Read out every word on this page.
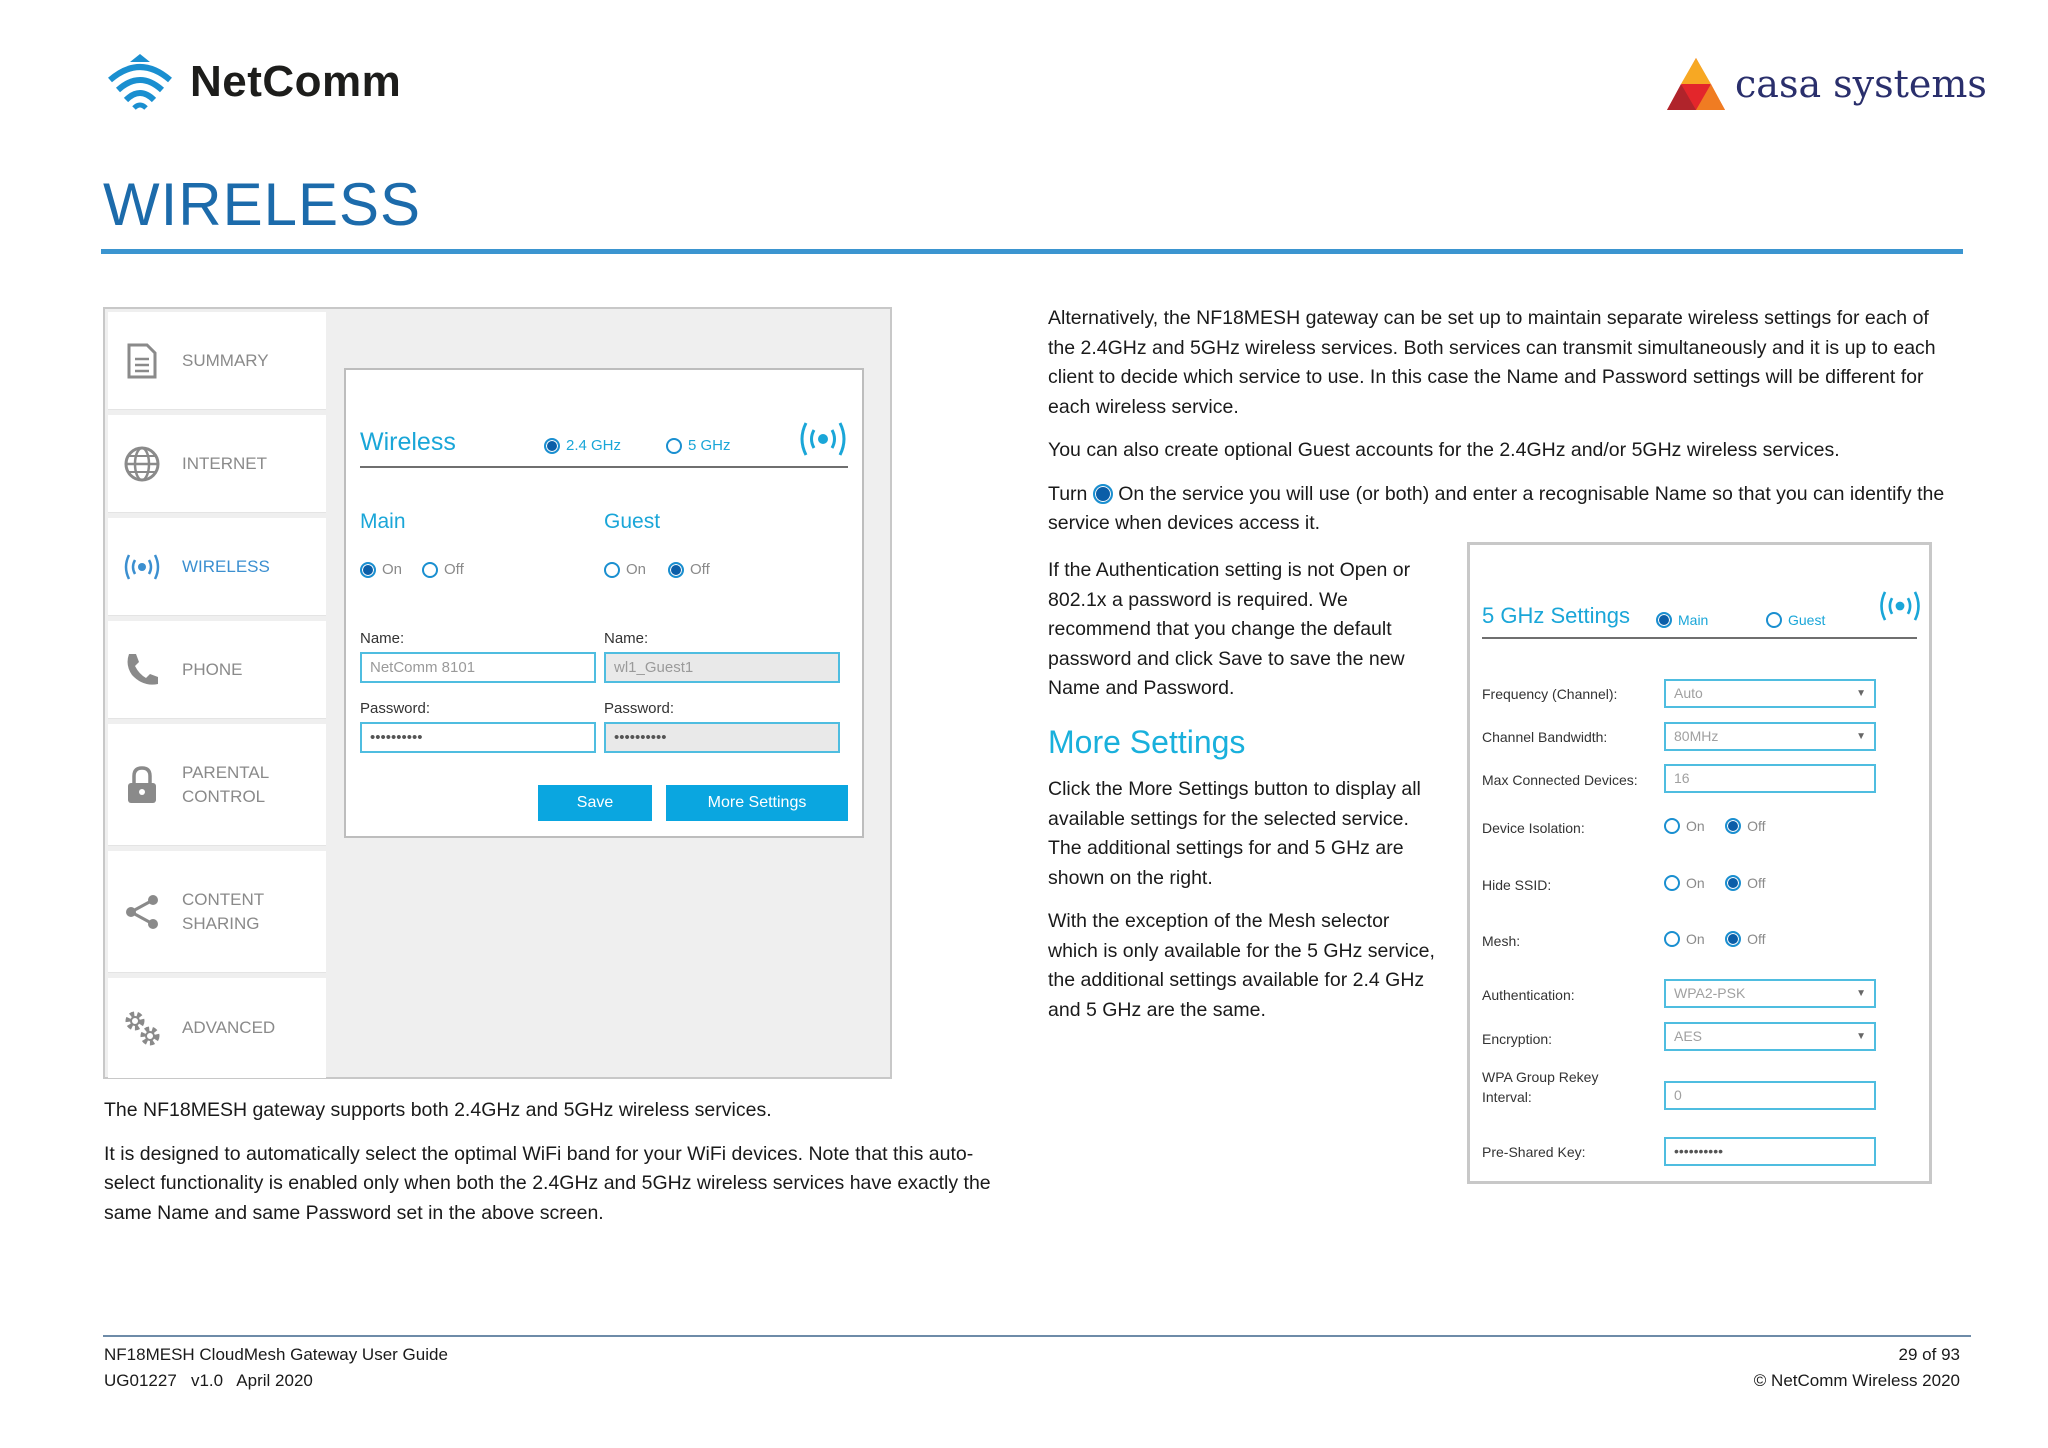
NetComm	casa systems
WIRELESS
SUMMARY
INTERNET
WIRELESS
PHONE
PARENTAL CONTROL
CONTENT SHARING
ADVANCED
Wireless	2.4 GHz	5 GHz
Main	Guest
On	Off	On	Off
Name:	Name:
NetComm 8101	wl1_Guest1
Password:	Password:
••••••••••	••••••••••
Save	More Settings

The NF18MESH gateway supports both 2.4GHz and 5GHz wireless services.

It is designed to automatically select the optimal WiFi band for your WiFi devices. Note that this auto-select functionality is enabled only when both the 2.4GHz and 5GHz wireless services have exactly the same Name and same Password set in the above screen.

Alternatively, the NF18MESH gateway can be set up to maintain separate wireless settings for each of the 2.4GHz and 5GHz wireless services. Both services can transmit simultaneously and it is up to each client to decide which service to use. In this case the Name and Password settings will be different for each wireless service.

You can also create optional Guest accounts for the 2.4GHz and/or 5GHz wireless services.

Turn  On the service you will use (or both) and enter a recognisable Name so that you can identify the service when devices access it.

If the Authentication setting is not Open or 802.1x a password is required. We recommend that you change the default password and click Save to save the new Name and Password.

More Settings

Click the More Settings button to display all available settings for the selected service. The additional settings for and 5 GHz are shown on the right.

With the exception of the Mesh selector which is only available for the 5 GHz service, the additional settings available for 2.4 GHz and 5 GHz are the same.

5 GHz Settings	Main	Guest
Frequency (Channel):	Auto	▼
Channel Bandwidth:	80MHz	▼
Max Connected Devices:	16
Device Isolation:	On	Off
Hide SSID:	On	Off
Mesh:	On	Off
Authentication:	WPA2-PSK	▼
Encryption:	AES	▼
WPA Group Rekey
Interval:	0
Pre-Shared Key:	••••••••••
NF18MESH CloudMesh Gateway User Guide
UG01227   v1.0   April 2020
29 of 93
© NetComm Wireless 2020
